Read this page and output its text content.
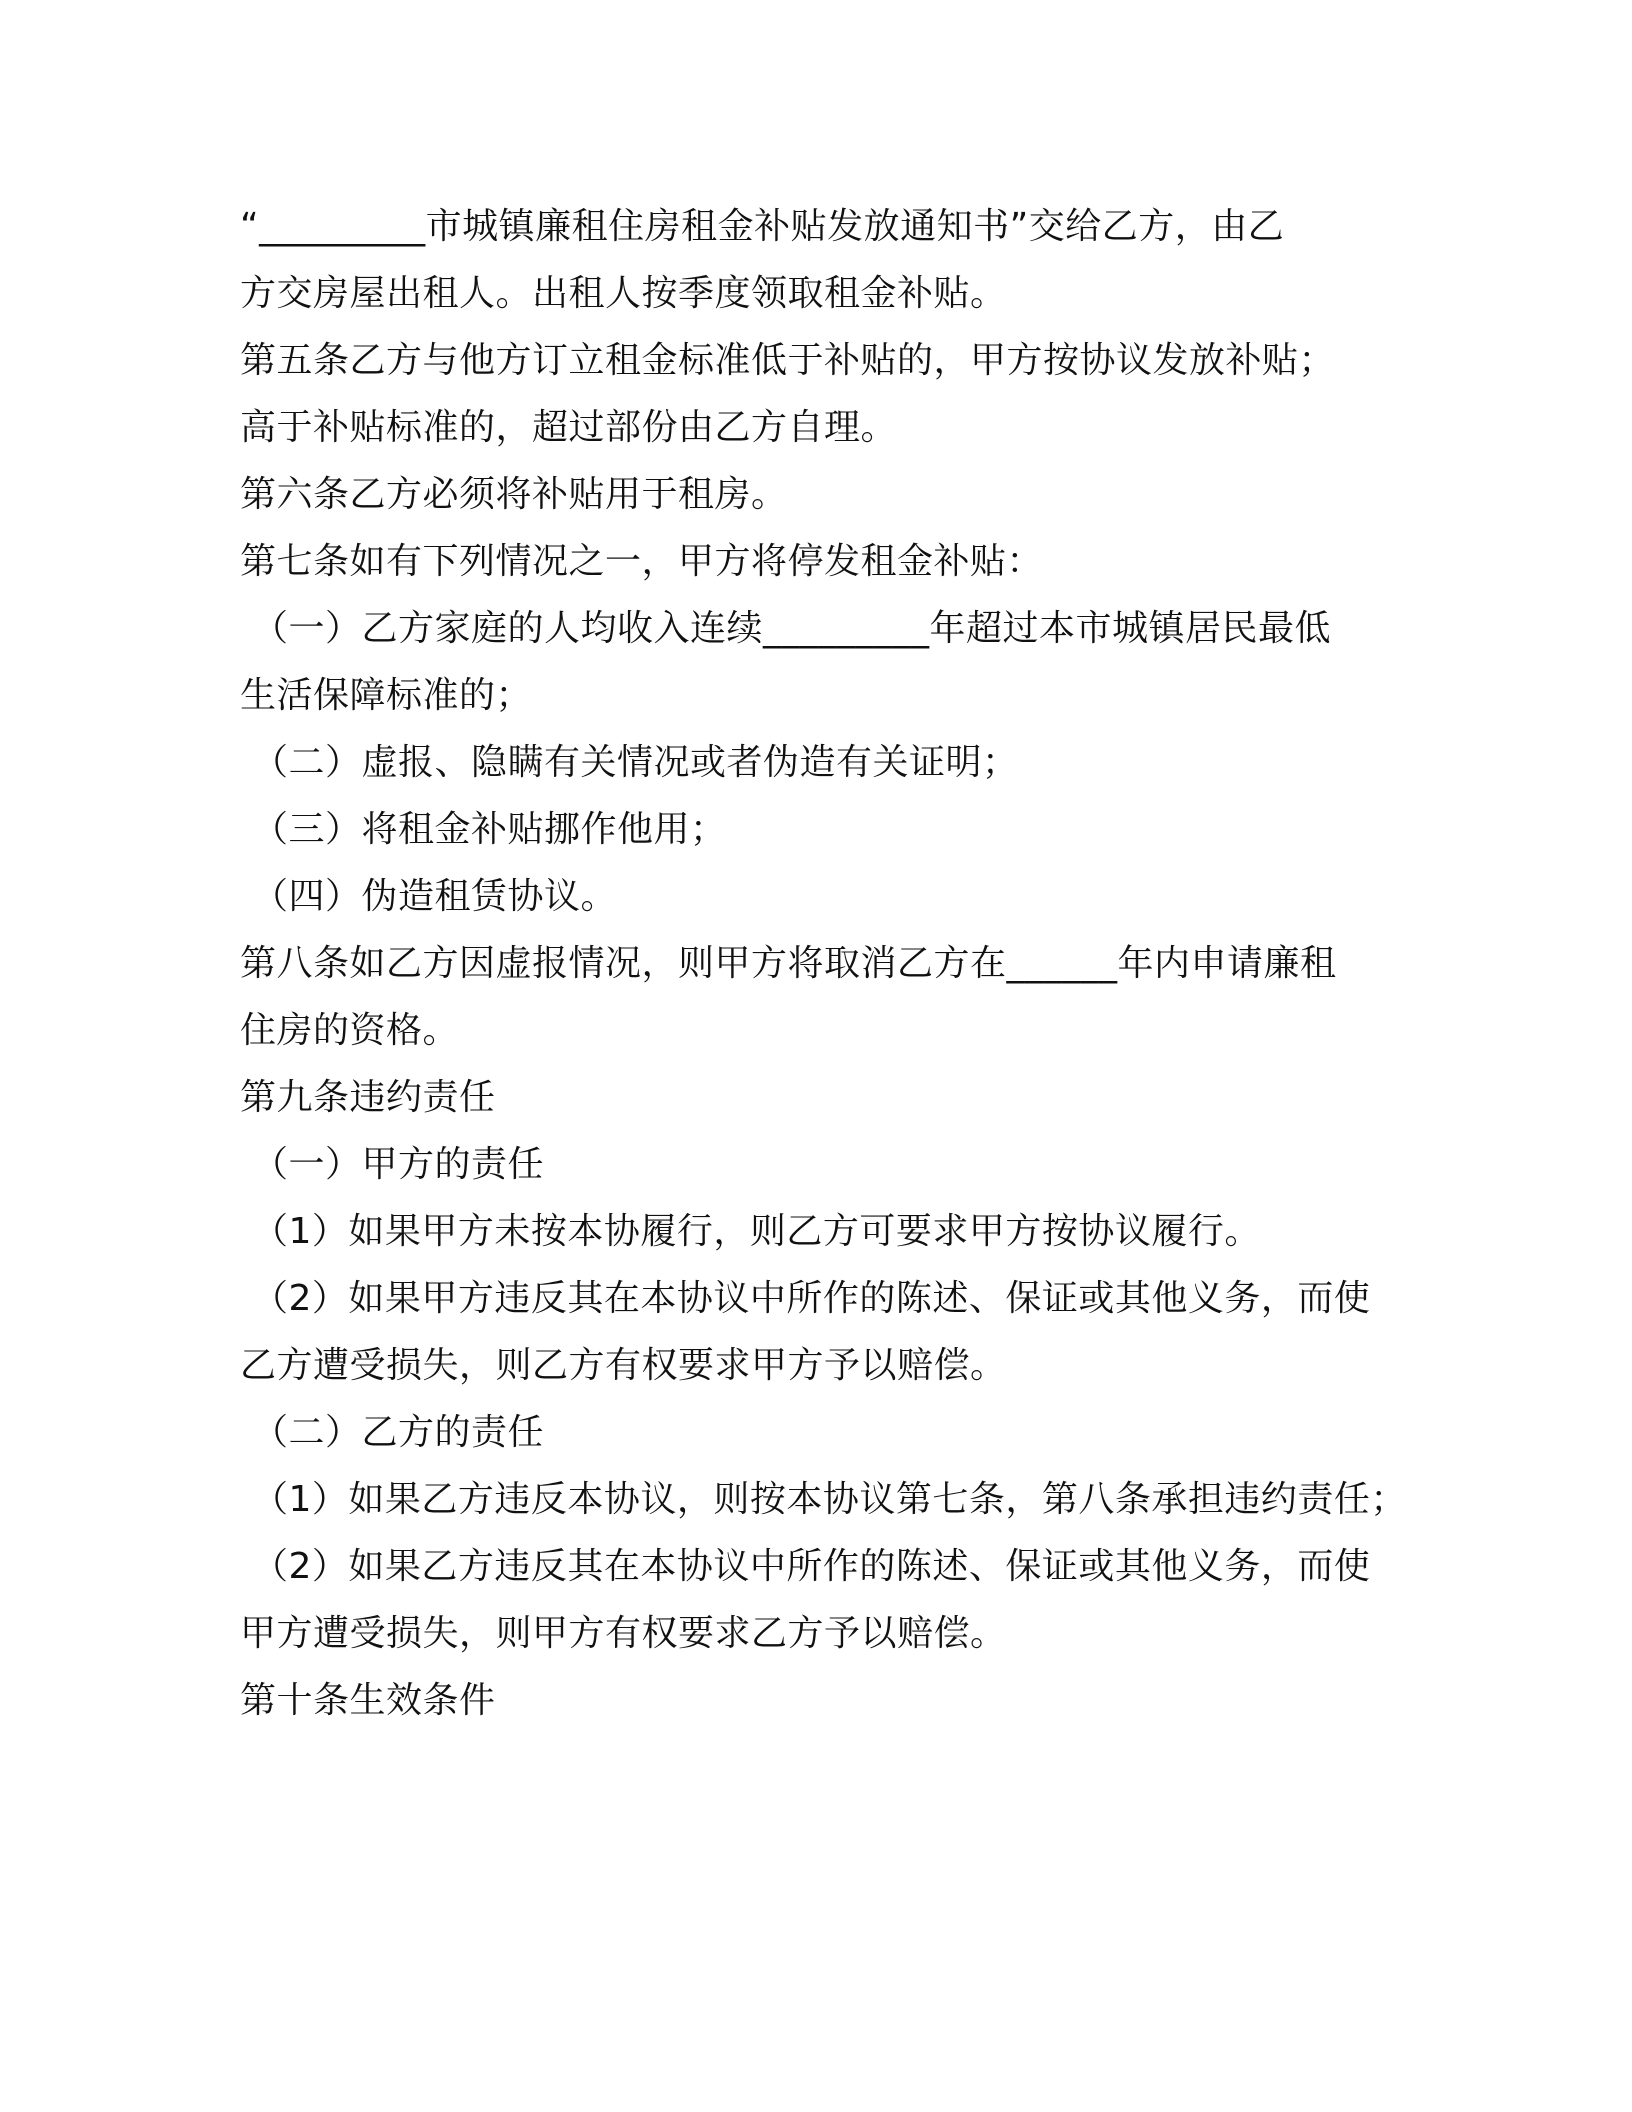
“_________市城镇廉租住房租金补贴发放通知书”交给乙方，由乙
方交房屋出租人。出租人按季度领取租金补贴。
第五条乙方与他方订立租金标准低于补贴的，甲方按协议发放补贴；
高于补贴标准的，超过部份由乙方自理。
第六条乙方必须将补贴用于租房。
第七条如有下列情况之一，甲方将停发租金补贴：
（一）乙方家庭的人均收入连续_________年超过本市城镇居民最低
生活保障标准的；
（二）虚报、隐瞒有关情况或者伪造有关证明；
（三）将租金补贴挪作他用；
（四）伪造租赁协议。
第八条如乙方因虚报情况，则甲方将取消乙方在______年内申请廉租
住房的资格。
第九条违约责任
（一）甲方的责任
（1）如果甲方未按本协履行，则乙方可要求甲方按协议履行。
（2）如果甲方违反其在本协议中所作的陈述、保证或其他义务，而使
乙方遭受损失，则乙方有权要求甲方予以赔偿。
（二）乙方的责任
（1）如果乙方违反本协议，则按本协议第七条，第八条承担违约责任；
（2）如果乙方违反其在本协议中所作的陈述、保证或其他义务，而使
甲方遭受损失，则甲方有权要求乙方予以赔偿。
第十条生效条件
